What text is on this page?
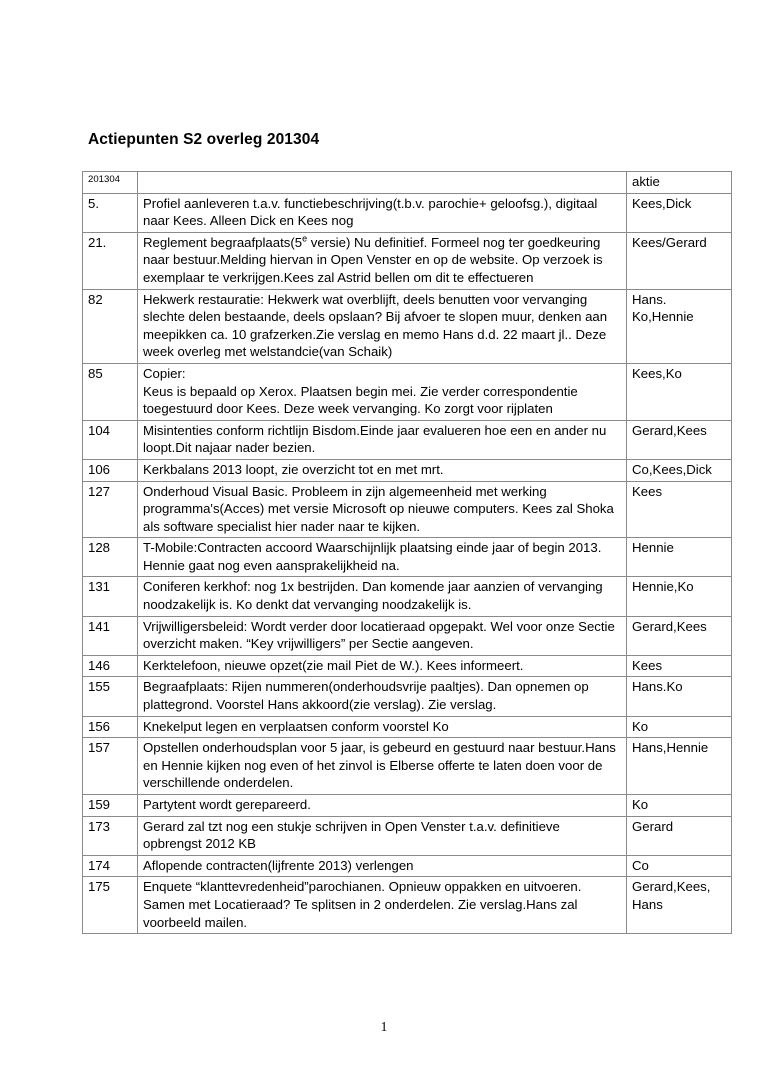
Actiepunten S2 overleg 201304
201304		aktie
5.	Profiel aanleveren t.a.v. functiebeschrijving(t.b.v. parochie+ geloofsg.), digitaal naar Kees. Alleen Dick en Kees nog	Kees,Dick
21.	Reglement begraafplaats(5e versie) Nu definitief. Formeel nog ter goedkeuring naar bestuur.Melding hiervan in Open Venster en op de website. Op verzoek is exemplaar te verkrijgen.Kees zal Astrid bellen om dit te effectueren	Kees/Gerard
82	Hekwerk restauratie: Hekwerk wat overblijft, deels benutten voor vervanging slechte delen bestaande, deels opslaan? Bij afvoer te slopen muur, denken aan meepikken ca. 10 grafzerken.Zie verslag en memo Hans d.d. 22 maart jl.. Deze week overleg met welstandcie(van Schaik)	Hans. Ko,Hennie
85	Copier:
Keus is bepaald op Xerox. Plaatsen begin mei. Zie verder correspondentie toegestuurd door Kees. Deze week vervanging. Ko zorgt voor rijplaten	Kees,Ko
104	Misintenties conform richtlijn Bisdom.Einde jaar evalueren hoe een en ander nu loopt.Dit najaar nader bezien.	Gerard,Kees
106	Kerkbalans 2013 loopt, zie overzicht tot en met mrt.	Co,Kees,Dick
127	Onderhoud Visual Basic. Probleem in zijn algemeenheid met werking programma's(Acces) met versie Microsoft op nieuwe computers. Kees zal Shoka als software specialist hier nader naar te kijken.	Kees
128	T-Mobile:Contracten accoord Waarschijnlijk plaatsing einde jaar of begin 2013. Hennie gaat nog even aansprakelijkheid na.	Hennie
131	Coniferen kerkhof: nog 1x bestrijden. Dan komende jaar aanzien of vervanging noodzakelijk is. Ko denkt dat vervanging noodzakelijk is.	Hennie,Ko
141	Vrijwilligersbeleid: Wordt verder door locatieraad opgepakt. Wel voor onze Sectie overzicht maken. “Key vrijwilligers” per Sectie aangeven.	Gerard,Kees
146	Kerktelefoon, nieuwe opzet(zie mail Piet de W.). Kees informeert.	Kees
155	Begraafplaats: Rijen nummeren(onderhoudsvrije paaltjes). Dan opnemen op plattegrond. Voorstel Hans akkoord(zie verslag). Zie verslag.	Hans.Ko
156	Knekelput legen en verplaatsen conform voorstel Ko	Ko
157	Opstellen onderhoudsplan voor 5 jaar, is gebeurd en gestuurd naar bestuur.Hans en Hennie kijken nog even of het zinvol is Elberse offerte te laten doen voor de verschillende onderdelen.	Hans,Hennie
159	Partytent wordt gerepareerd.	Ko
173	Gerard zal tzt nog een stukje schrijven in Open Venster t.a.v. definitieve opbrengst 2012 KB	Gerard
174	Aflopende contracten(lijfrente 2013) verlengen	Co
175	Enquete “klanttevredenheid”parochianen. Opnieuw oppakken en uitvoeren. Samen met Locatieraad? Te splitsen in 2 onderdelen. Zie verslag.Hans zal voorbeeld mailen.	Gerard,Kees, Hans
1
